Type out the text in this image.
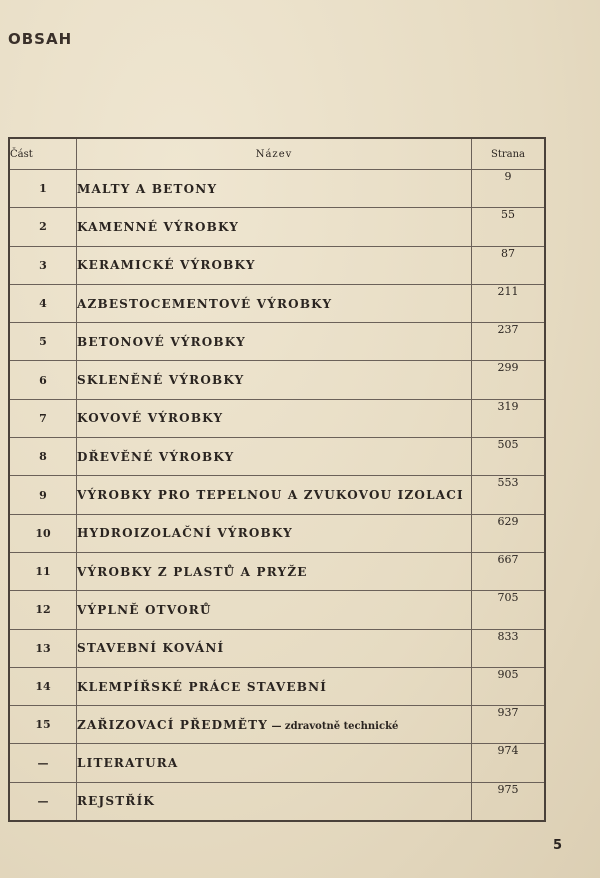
OBSAH
Část	Název	Strana
1	MALTY A BETONY	9
2	KAMENNÉ VÝROBKY	55
3	KERAMICKÉ VÝROBKY	87
4	AZBESTOCEMENTOVÉ VÝROBKY	211
5	BETONOVÉ VÝROBKY	237
6	SKLENĚNÉ VÝROBKY	299
7	KOVOVÉ VÝROBKY	319
8	DŘEVĚNÉ VÝROBKY	505
9	VÝROBKY PRO TEPELNOU A ZVUKOVOU IZOLACI	553
10	HYDROIZOLAČNÍ VÝROBKY	629
11	VÝROBKY Z PLASTŮ A PRYŽE	667
12	VÝPLNĚ OTVORŮ	705
13	STAVEBNÍ KOVÁNÍ	833
14	KLEMPÍŘSKÉ PRÁCE STAVEBNÍ	905
15	ZAŘIZOVACÍ PŘEDMĚTY — zdravotně technické	937
—	LITERATURA	974
—	REJSTŘÍK	975
5
